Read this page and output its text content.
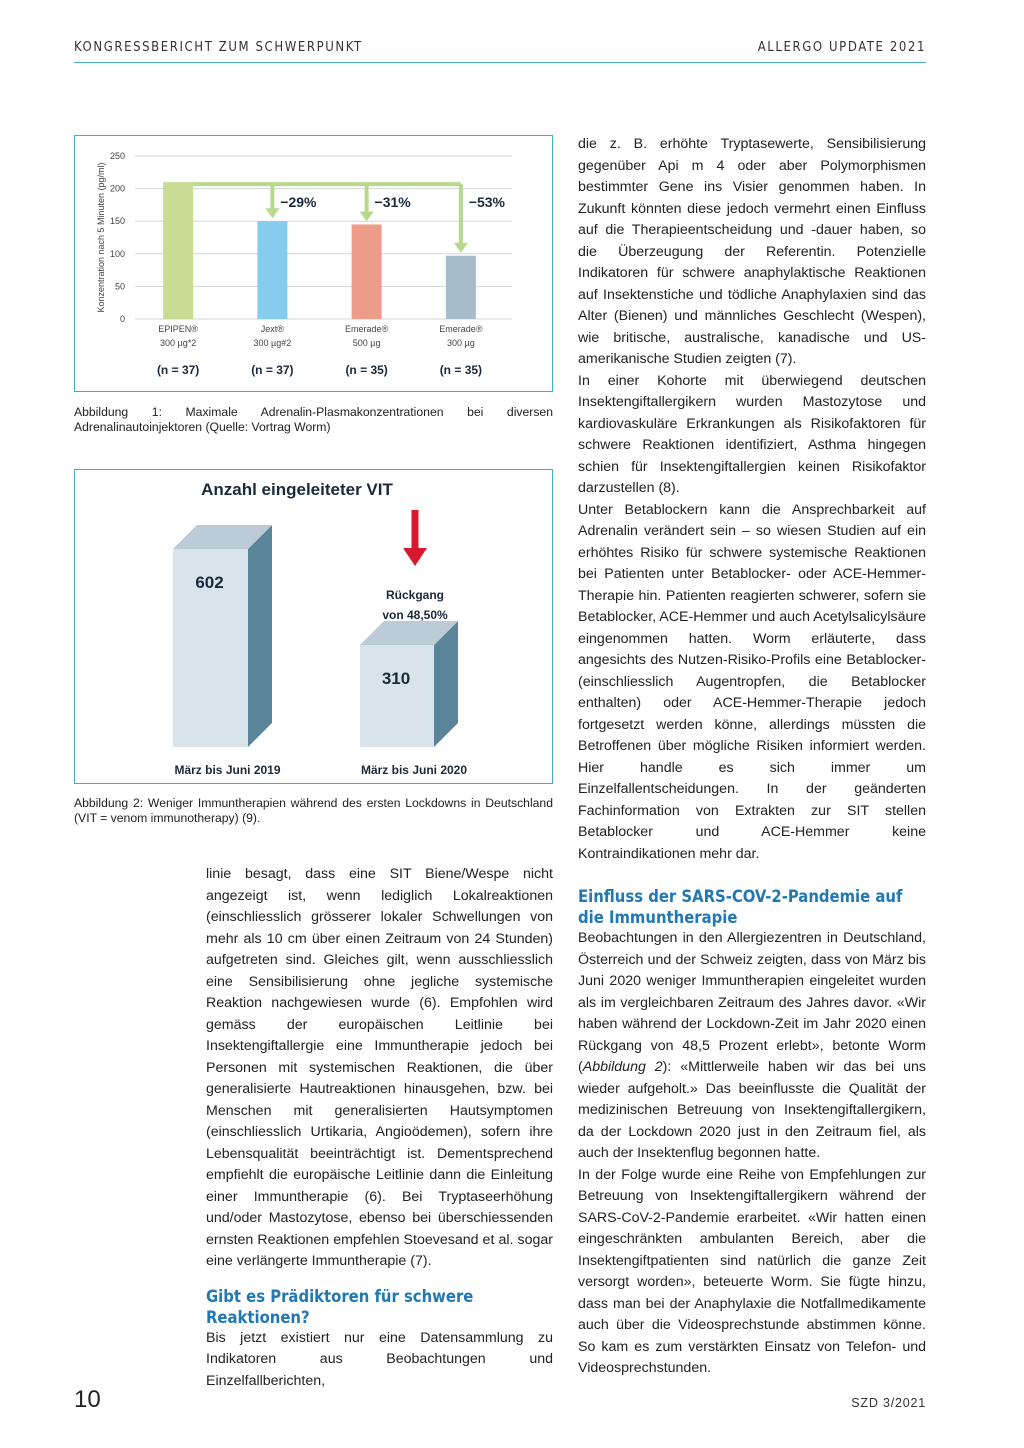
KONGRESSBERICHT ZUM SCHWERPUNKT	ALLERGO UPDATE 2021
Konzentration nach 5 Minuten (pg/ml)
250
200
150
100
50
0
−29%	−31%	−53%
EPIPEN®
300 µg*2
(n = 37)
Jext®
300 µg#2
(n = 37)
Emerade®
500 µg
(n = 35)
Emerade®
300 µg
(n = 35)
Abbildung 1: Maximale Adrenalin-Plasmakonzentrationen bei diversen Adrenalinautoinjektoren (Quelle: Vortrag Worm)
Anzahl eingeleiteter VIT
602
März bis Juni 2019
310
März bis Juni 2020
Rückgang
von 48,50%
Abbildung 2: Weniger Immuntherapien während des ersten Lockdowns in Deutschland (VIT = venom immunotherapy) (9).

linie besagt, dass eine SIT Biene/Wespe nicht angezeigt ist, wenn lediglich Lokalreaktionen (einschliesslich grösserer lokaler Schwellungen von mehr als 10 cm über einen Zeitraum von 24 Stunden) aufgetreten sind. Gleiches gilt, wenn ausschliesslich eine Sensibilisierung ohne jegliche systemische Reaktion nachgewiesen wurde (6). Empfohlen wird gemäss der europäischen Leitlinie bei Insektengiftallergie eine Immuntherapie jedoch bei Personen mit systemischen Reaktionen, die über generalisierte Hautreaktionen hinausgehen, bzw. bei Menschen mit generalisierten Hautsymptomen (einschliesslich Urtikaria, Angioödemen), sofern ihre Lebensqualität beeinträchtigt ist. Dementsprechend empfiehlt die europäische Leitlinie dann die Einleitung einer Immuntherapie (6). Bei Tryptaseerhöhung und/oder Mastozytose, ebenso bei überschiessenden ernsten Reaktionen empfehlen Stoevesand et al. sogar eine verlängerte Immuntherapie (7).

Gibt es Prädiktoren für schwere Reaktionen?

Bis jetzt existiert nur eine Datensammlung zu Indikatoren aus Beobachtungen und Einzelfallberichten,

die z. B. erhöhte Tryptasewerte, Sensibilisierung gegenüber Api m 4 oder aber Polymorphismen bestimmter Gene ins Visier genommen haben. In Zukunft könnten diese jedoch vermehrt einen Einfluss auf die Therapieentscheidung und -dauer haben, so die Überzeugung der Referentin. Potenzielle Indikatoren für schwere anaphylaktische Reaktionen auf Insektenstiche und tödliche Anaphylaxien sind das Alter (Bienen) und männliches Geschlecht (Wespen), wie britische, australische, kanadische und US-amerikanische Studien zeigten (7).

In einer Kohorte mit überwiegend deutschen Insektengiftallergikern wurden Mastozytose und kardiovaskuläre Erkrankungen als Risikofaktoren für schwere Reaktionen identifiziert, Asthma hingegen schien für Insektengiftallergien keinen Risikofaktor darzustellen (8).

Unter Betablockern kann die Ansprechbarkeit auf Adrenalin verändert sein – so wiesen Studien auf ein erhöhtes Risiko für schwere systemische Reaktionen bei Patienten unter Betablocker- oder ACE-Hemmer-Therapie hin. Patienten reagierten schwerer, sofern sie Betablocker, ACE-Hemmer und auch Acetylsalicylsäure eingenommen hatten. Worm erläuterte, dass angesichts des Nutzen-Risiko-Profils eine Betablocker- (einschliesslich Augentropfen, die Betablocker enthalten) oder ACE-Hemmer-Therapie jedoch fortgesetzt werden könne, allerdings müssten die Betroffenen über mögliche Risiken informiert werden. Hier handle es sich immer um Einzelfallentscheidungen. In der geänderten Fachinformation von Extrakten zur SIT stellen Betablocker und ACE-Hemmer keine Kontraindikationen mehr dar.

Einfluss der SARS-COV-2-Pandemie auf die Immuntherapie

Beobachtungen in den Allergiezentren in Deutschland, Österreich und der Schweiz zeigten, dass von März bis Juni 2020 weniger Immuntherapien eingeleitet wurden als im vergleichbaren Zeitraum des Jahres davor. «Wir haben während der Lockdown-Zeit im Jahr 2020 einen Rückgang von 48,5 Prozent erlebt», betonte Worm (Abbildung 2): «Mittlerweile haben wir das bei uns wieder aufgeholt.» Das beeinflusste die Qualität der medizinischen Betreuung von Insektengiftallergikern, da der Lockdown 2020 just in den Zeitraum fiel, als auch der Insektenflug begonnen hatte.

In der Folge wurde eine Reihe von Empfehlungen zur Betreuung von Insektengiftallergikern während der SARS-CoV-2-Pandemie erarbeitet. «Wir hatten einen eingeschränkten ambulanten Bereich, aber die Insektengiftpatienten sind natürlich die ganze Zeit versorgt worden», beteuerte Worm. Sie fügte hinzu, dass man bei der Anaphylaxie die Notfallmedikamente auch über die Videosprechstunde abstimmen könne. So kam es zum verstärkten Einsatz von Telefon- und Videosprechstunden.

10	SZD 3/2021
